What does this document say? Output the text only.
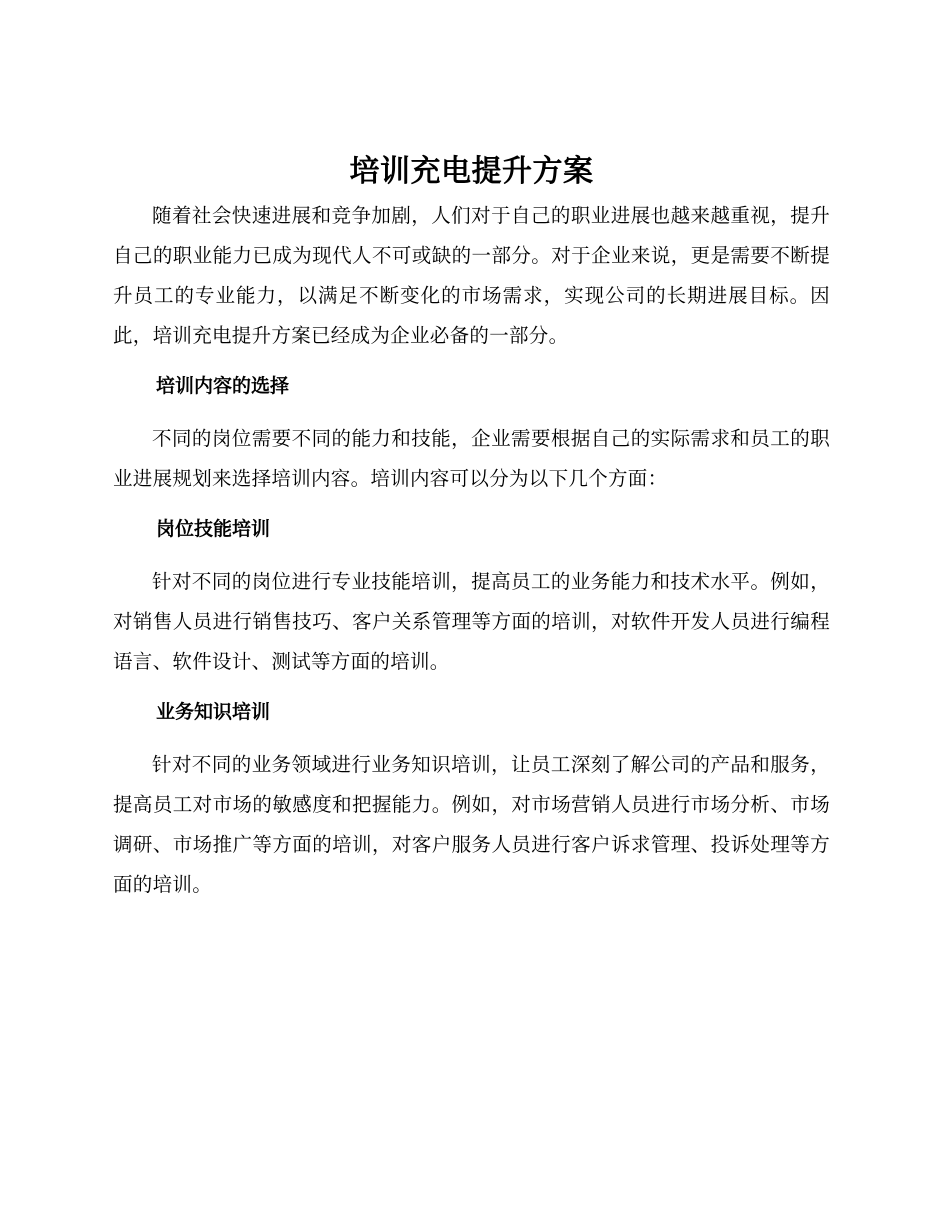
培训充电提升方案

随着社会快速进展和竞争加剧，人们对于自己的职业进展也越来越重视，提升自己的职业能力已成为现代人不可或缺的一部分。对于企业来说，更是需要不断提升员工的专业能力，以满足不断变化的市场需求，实现公司的长期进展目标。因此，培训充电提升方案已经成为企业必备的一部分。

培训内容的选择

不同的岗位需要不同的能力和技能，企业需要根据自己的实际需求和员工的职业进展规划来选择培训内容。培训内容可以分为以下几个方面：

岗位技能培训

针对不同的岗位进行专业技能培训，提高员工的业务能力和技术水平。例如，对销售人员进行销售技巧、客户关系管理等方面的培训，对软件开发人员进行编程语言、软件设计、测试等方面的培训。

业务知识培训

针对不同的业务领域进行业务知识培训，让员工深刻了解公司的产品和服务，提高员工对市场的敏感度和把握能力。例如，对市场营销人员进行市场分析、市场调研、市场推广等方面的培训，对客户服务人员进行客户诉求管理、投诉处理等方面的培训。
